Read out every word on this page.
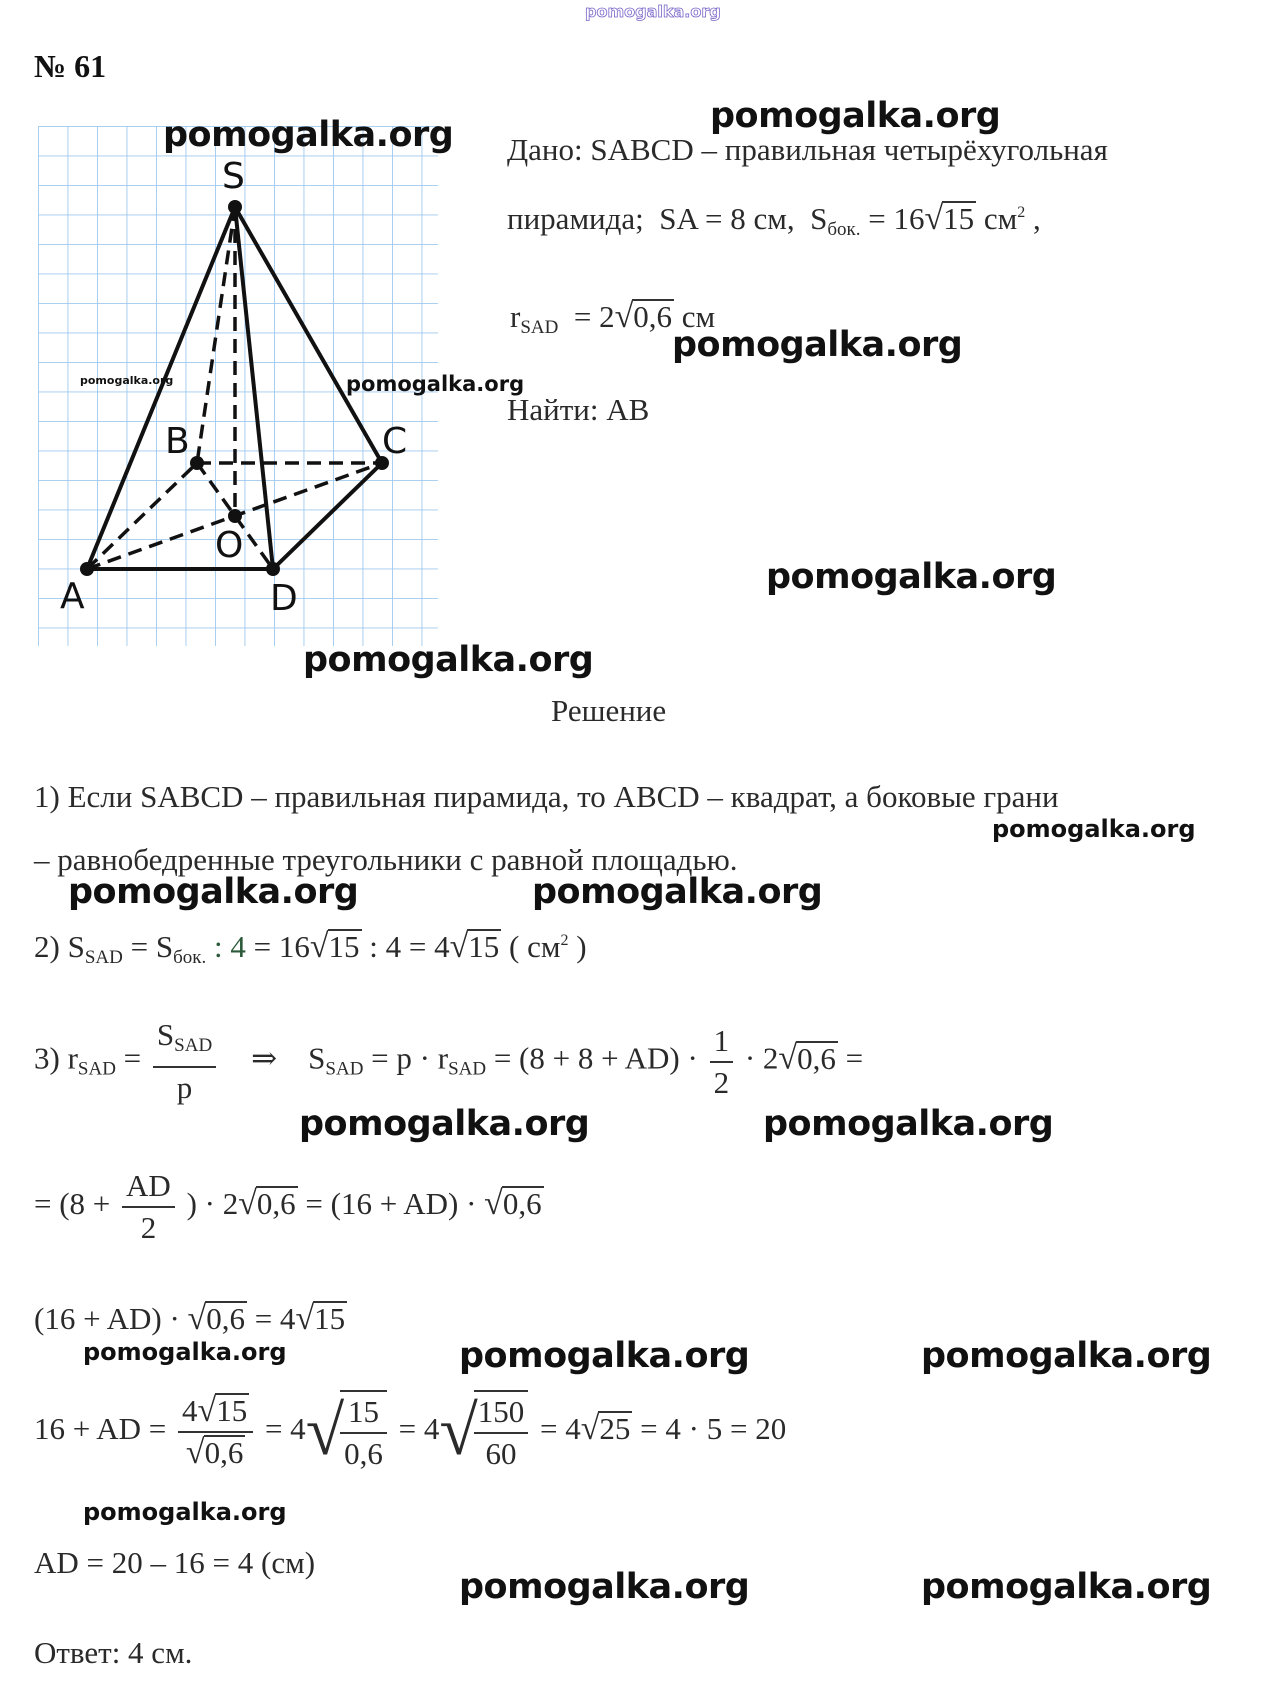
pomogalka.org
№ 61
S
A	D
B	C
O
pomogalka.org	pomogalka.org
pomogalka.org
pomogalka.org	pomogalka.org
pomogalka.org
pomogalka.org
pomogalka.org
pomogalka.org	pomogalka.org
pomogalka.org	pomogalka.org
pomogalka.org	pomogalka.org	pomogalka.org
pomogalka.org
pomogalka.org	pomogalka.org
Дано: SABCD – правильная четырёхугольная
пирамида; SA = 8 см, $S_{бок.} = 16√15$ $см^2$ ,
$r_{SAD} = 2√0,6$ см
Найти: AB
Решение
1) Если SABCD – правильная пирамида, то ABCD – квадрат, а боковые грани
– равнобедренные треугольники с равной площадью.
2) $S_{SAD} = S_{бок.}$ : 4 = 16√15 : 4 = 4√15 ( $см^2$ )
3) $r_{SAD} = \frac{S_{SAD}}{p}$ ⇒ $S_{SAD} = p \cdot r_{SAD} = (8 + 8 + AD) \cdot \frac{1}{2} \cdot 2√0,6$ =
= ($8 + \frac{AD}{2}$ ) · 2√0,6 = (16 + AD) · √0,6
(16 + AD) · √0,6 = 4√15
16 + AD = $\frac{4√15}{√0,6} = 4√$
$\frac{15}{0,6} = 4√$
$\frac{150}{60} = 4√25 = 4 \cdot 5 = 20$
AD = 20 – 16 = 4 (см)
Ответ: 4 см.
